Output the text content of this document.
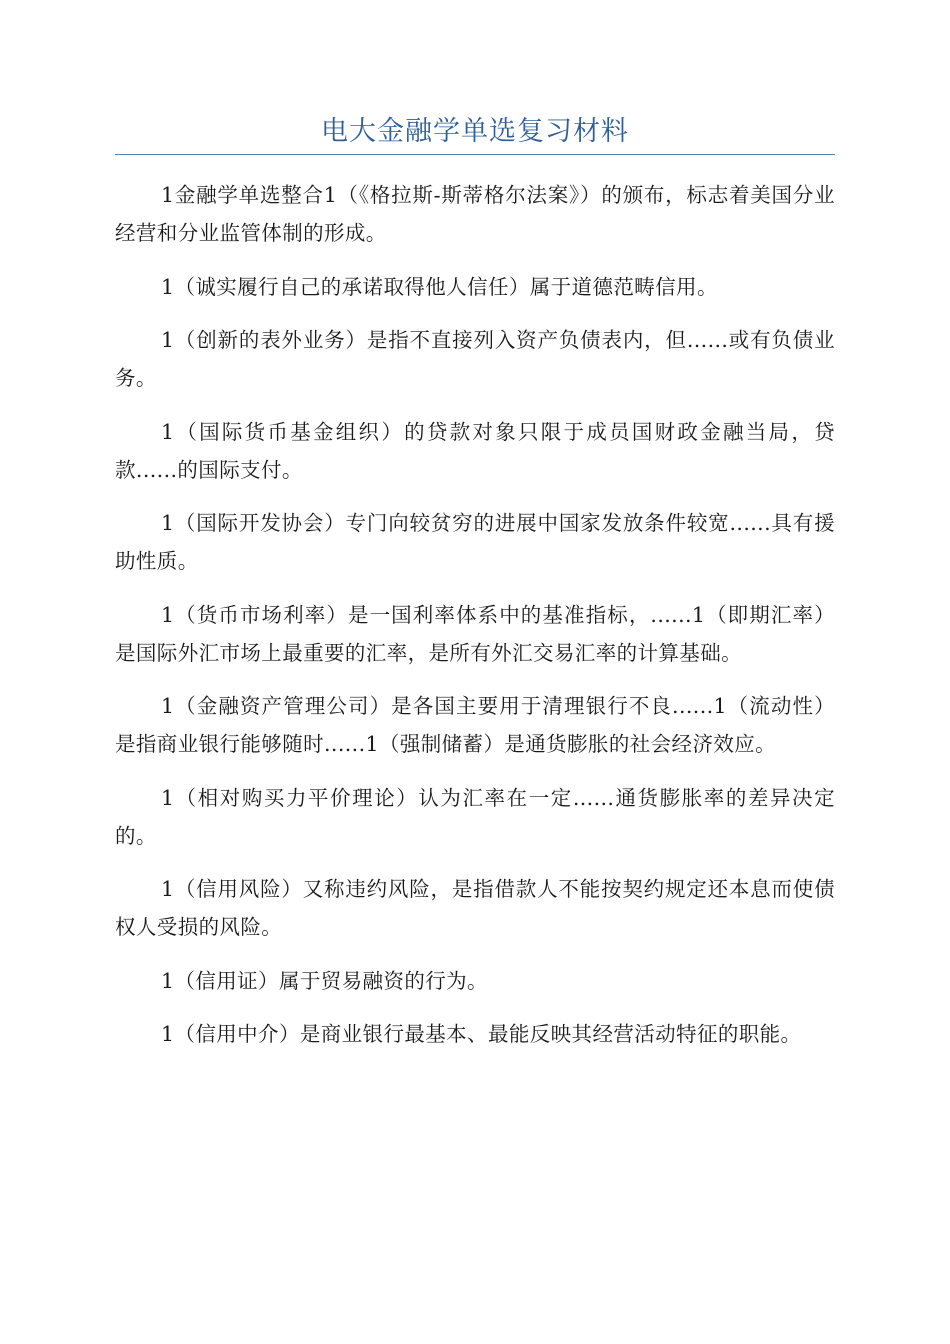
电大金融学单选复习材料

1金融学单选整合1（《格拉斯-斯蒂格尔法案》）的颁布，标志着美国分业经营和分业监管体制的形成。

1（诚实履行自己的承诺取得他人信任）属于道德范畴信用。

1（创新的表外业务）是指不直接列入资产负债表内，但......或有负债业务。

1（国际货币基金组织）的贷款对象只限于成员国财政金融当局，贷款......的国际支付。

1（国际开发协会）专门向较贫穷的进展中国家发放条件较宽......具有援助性质。

1（货币市场利率）是一国利率体系中的基准指标，......1（即期汇率）是国际外汇市场上最重要的汇率，是所有外汇交易汇率的计算基础。

1（金融资产管理公司）是各国主要用于清理银行不良......1（流动性）是指商业银行能够随时......1（强制储蓄）是通货膨胀的社会经济效应。

1（相对购买力平价理论）认为汇率在一定......通货膨胀率的差异决定的。

1（信用风险）又称违约风险，是指借款人不能按契约规定还本息而使债权人受损的风险。

1（信用证）属于贸易融资的行为。

1（信用中介）是商业银行最基本、最能反映其经营活动特征的职能。
